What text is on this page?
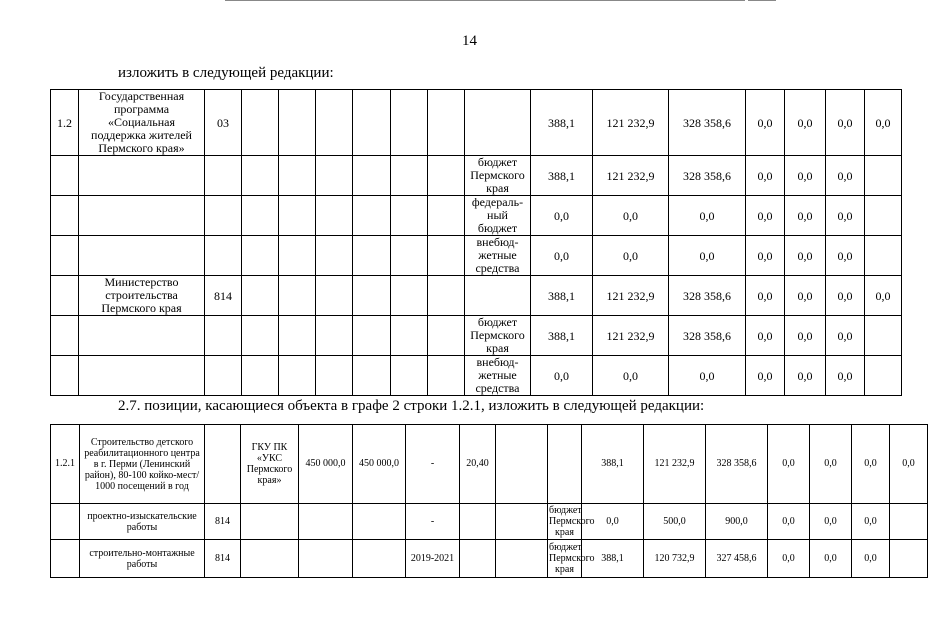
14
изложить в следующей редакции:
1.2	Государственная программа «Социальная поддержка жителей Пермского края»	03								388,1	121 232,9	328 358,6	0,0	0,0	0,0	0,0
									бюджет Пермского края	388,1	121 232,9	328 358,6	0,0	0,0	0,0	
									федераль-ный бюджет	0,0	0,0	0,0	0,0	0,0	0,0	
									внебюд-жетные средства	0,0	0,0	0,0	0,0	0,0	0,0	
	Министерство строительства Пермского края	814								388,1	121 232,9	328 358,6	0,0	0,0	0,0	0,0
									бюджет Пермского края	388,1	121 232,9	328 358,6	0,0	0,0	0,0	
									внебюд-жетные средства	0,0	0,0	0,0	0,0	0,0	0,0	
2.7. позиции, касающиеся объекта в графе 2 строки 1.2.1, изложить в следующей редакции:
1.2.1	Строительство детского реабилитационного центра в г. Перми (Ленинский район), 80-100 койко-мест/ 1000 посещений в год		ГКУ ПК «УКС Пермского края»	450 000,0	450 000,0	-	20,40			388,1	121 232,9	328 358,6	0,0	0,0	0,0	0,0
	проектно-изыскательские работы	814				-			бюджет Пермского края	0,0	500,0	900,0	0,0	0,0	0,0	
	строительно-монтажные работы	814				2019-2021			бюджет Пермского края	388,1	120 732,9	327 458,6	0,0	0,0	0,0	
